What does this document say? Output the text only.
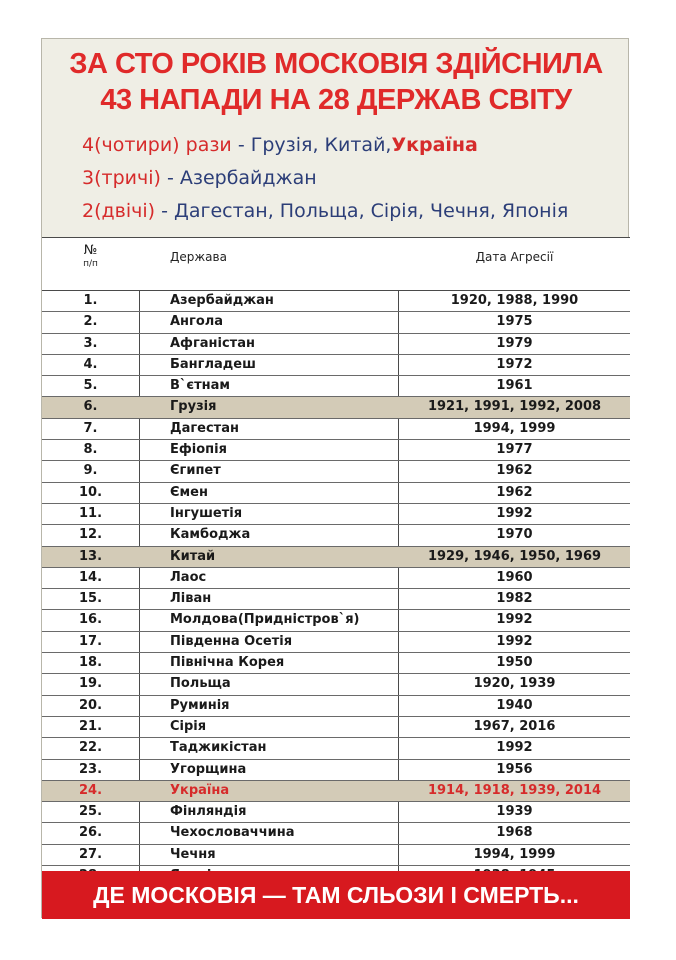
ЗА СТО РОКІВ МОСКОВІЯ ЗДІЙСНИЛА
43 НАПАДИ НА 28 ДЕРЖАВ СВІТУ
4(чотири) рази - Грузія, Китай,Україна
3(тричі) - Азербайджан
2(двічі) - Дагестан, Польща, Сірія, Чечня, Японія
№
п/п	Держава	Дата Агресії
1.	Азербайджан	1920, 1988, 1990
2.	Ангола	1975
3.	Афганістан	1979
4.	Бангладеш	1972
5.	В`єтнам	1961
6.	Грузія	1921, 1991, 1992, 2008
7.	Дагестан	1994, 1999
8.	Ефіопія	1977
9.	Єгипет	1962
10.	Ємен	1962
11.	Інгушетія	1992
12.	Камбоджа	1970
13.	Китай	1929, 1946, 1950, 1969
14.	Лаос	1960
15.	Ліван	1982
16.	Молдова(Придністров`я)	1992
17.	Південна Осетія	1992
18.	Північна Корея	1950
19.	Польща	1920, 1939
20.	Руминія	1940
21.	Сірія	1967, 2016
22.	Таджикістан	1992
23.	Угорщина	1956
24.	Україна	1914, 1918, 1939, 2014
25.	Фінляндія	1939
26.	Чехословаччина	1968
27.	Чечня	1994, 1999
ДЕ МОСКОВІЯ — ТАМ СЛЬОЗИ І СМЕРТЬ...
